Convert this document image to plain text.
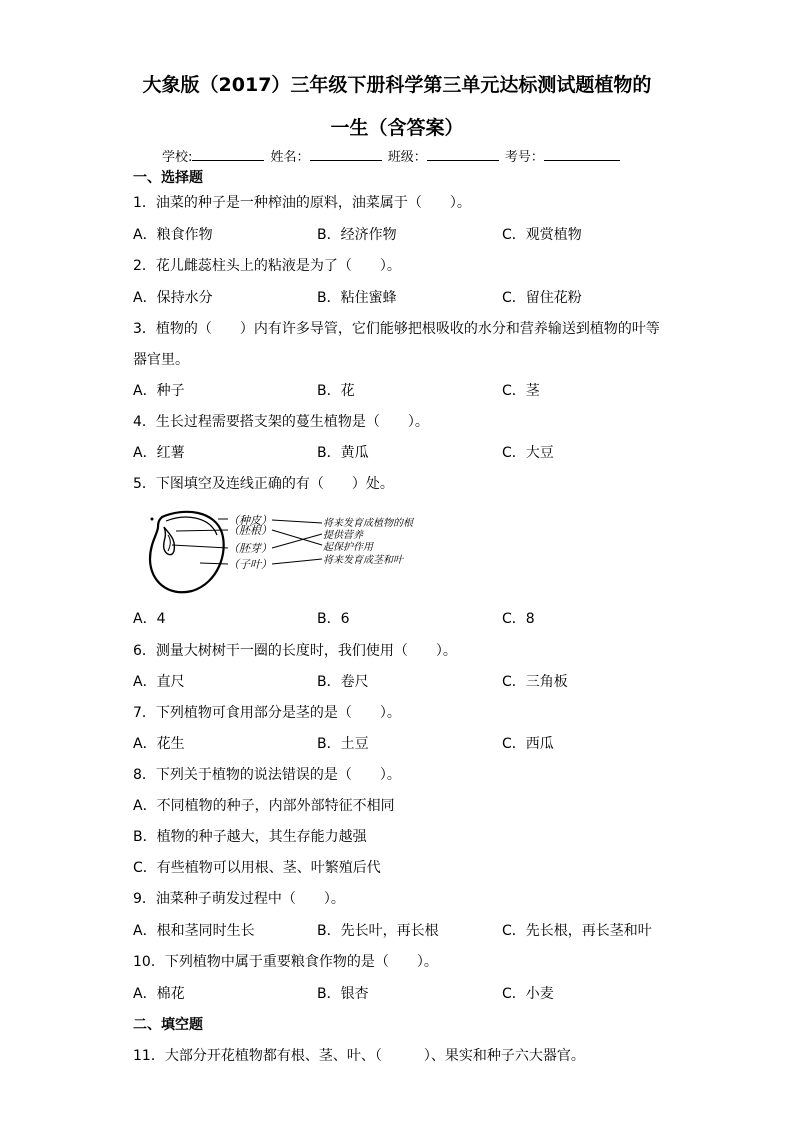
大象版（2017）三年级下册科学第三单元达标测试题植物的
一生（含答案）
学校:	姓名：	班级：	考号：
一、选择题
1．油菜的种子是一种榨油的原料，油菜属于（　　）。
A．粮食作物	B．经济作物	C．观赏植物
2．花儿雌蕊柱头上的粘液是为了（　　）。
A．保持水分	B．粘住蜜蜂	C．留住花粉
3．植物的（　　）内有许多导管，它们能够把根吸收的水分和营养输送到植物的叶等
器官里。
A．种子	B．花	C．茎
4．生长过程需要搭支架的蔓生植物是（　　）。
A．红薯	B．黄瓜	C．大豆
5．下图填空及连线正确的有（　　）处。
（种皮）
（胚根）
（胚芽）
（子叶）
将来发育成植物的根
提供营养
起保护作用
将来发育成茎和叶
A．4	B．6	C．8
6．测量大树树干一圈的长度时，我们使用（　　）。
A．直尺	B．卷尺	C．三角板
7．下列植物可食用部分是茎的是（　　）。
A．花生	B．土豆	C．西瓜
8．下列关于植物的说法错误的是（　　）。
A．不同植物的种子，内部外部特征不相同
B．植物的种子越大，其生存能力越强
C．有些植物可以用根、茎、叶繁殖后代
9．油菜种子萌发过程中（　　）。
A．根和茎同时生长	B．先长叶，再长根	C．先长根，再长茎和叶
10．下列植物中属于重要粮食作物的是（　　）。
A．棉花	B．银杏	C．小麦
二、填空题
11．大部分开花植物都有根、茎、叶、（　　　）、果实和种子六大器官。
